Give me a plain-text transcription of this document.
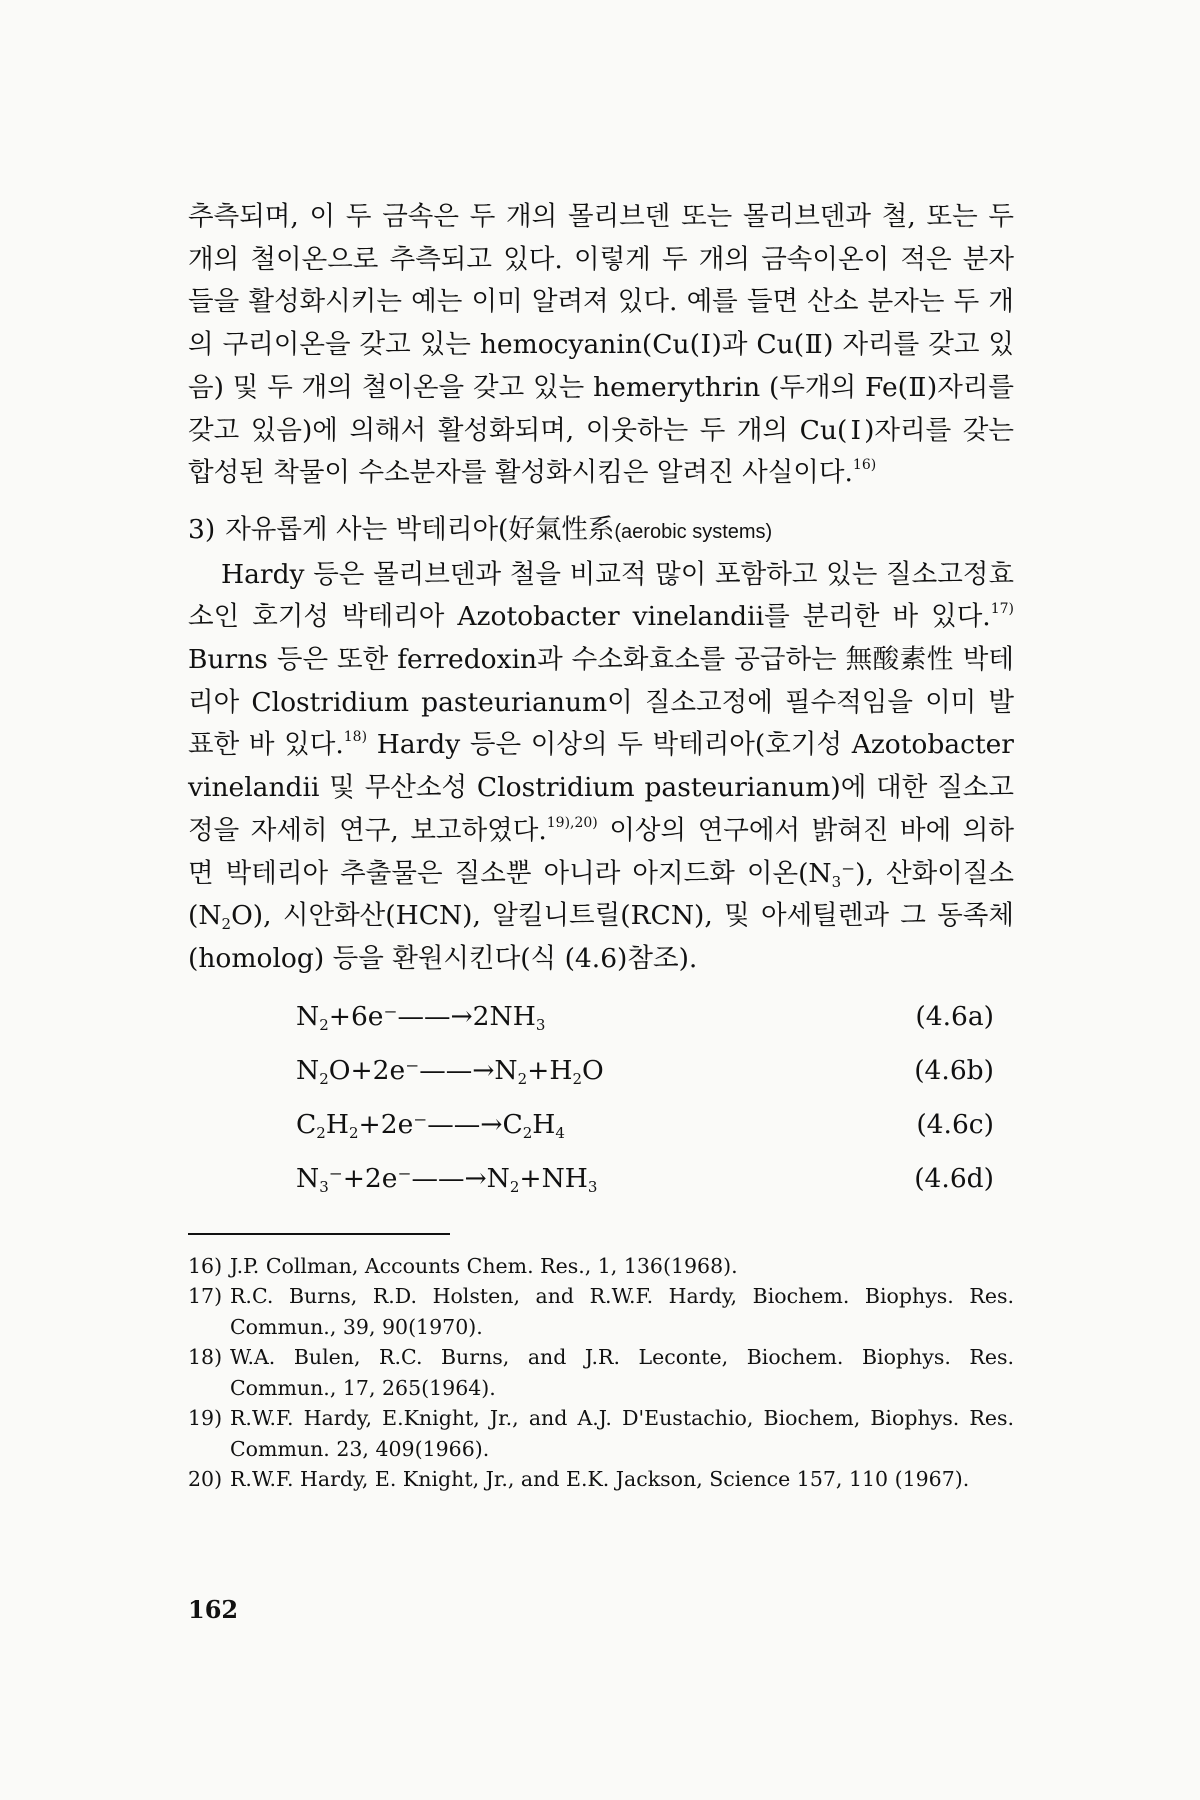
추측되며, 이 두 금속은 두 개의 몰리브덴 또는 몰리브덴과 철, 또는 두 개의 철이온으로 추측되고 있다. 이렇게 두 개의 금속이온이 적은 분자들을 활성화시키는 예는 이미 알려져 있다. 예를 들면 산소 분자는 두 개의 구리이온을 갖고 있는 hemocyanin(Cu(Ⅰ)과 Cu(Ⅱ) 자리를 갖고 있음) 및 두 개의 철이온을 갖고 있는 hemerythrin (두개의 Fe(Ⅱ)자리를 갖고 있음)에 의해서 활성화되며, 이웃하는 두 개의 Cu(Ⅰ)자리를 갖는 합성된 착물이 수소분자를 활성화시킴은 알려진 사실이다.$^{16)}$

3) 자유롭게 사는 박테리아(好氣性系(aerobic systems)

Hardy 등은 몰리브덴과 철을 비교적 많이 포함하고 있는 질소고정효소인 호기성 박테리아 Azotobacter vinelandii를 분리한 바 있다.$^{17)}$ Burns 등은 또한 ferredoxin과 수소화효소를 공급하는 無酸素性 박테리아 Clostridium pasteurianum이 질소고정에 필수적임을 이미 발표한 바 있다.$^{18)}$ Hardy 등은 이상의 두 박테리아(호기성 Azotobacter vinelandii 및 무산소성 Clostridium pasteurianum)에 대한 질소고정을 자세히 연구, 보고하였다.$^{19),20)}$ 이상의 연구에서 밝혀진 바에 의하면 박테리아 추출물은 질소뿐 아니라 아지드화 이온$(N_3^-)$, 산화이질소$(N_2O)$, 시안화산(HCN), 알킬니트릴(RCN), 및 아세틸렌과 그 동족체(homolog) 등을 환원시킨다(식 (4.6)참조).

$N_2+6e^-——\to 2NH_3$	(4.6a)
$N_2O+2e^-——\to N_2+H_2O$	(4.6b)
$C_2H_2+2e^-——\to C_2H_4$	(4.6c)
$N_3^-+2e^-——\to N_2+NH_3$	(4.6d)
16) J.P. Collman, Accounts Chem. Res., 1, 136(1968).
17) R.C. Burns, R.D. Holsten, and R.W.F. Hardy, Biochem. Biophys. Res. Commun., 39, 90(1970).
18) W.A. Bulen, R.C. Burns, and J.R. Leconte, Biochem. Biophys. Res. Commun., 17, 265(1964).
19) R.W.F. Hardy, E.Knight, Jr., and A.J. D'Eustachio, Biochem, Biophys. Res. Commun. 23, 409(1966).
20) R.W.F. Hardy, E. Knight, Jr., and E.K. Jackson, Science 157, 110 (1967).
162
